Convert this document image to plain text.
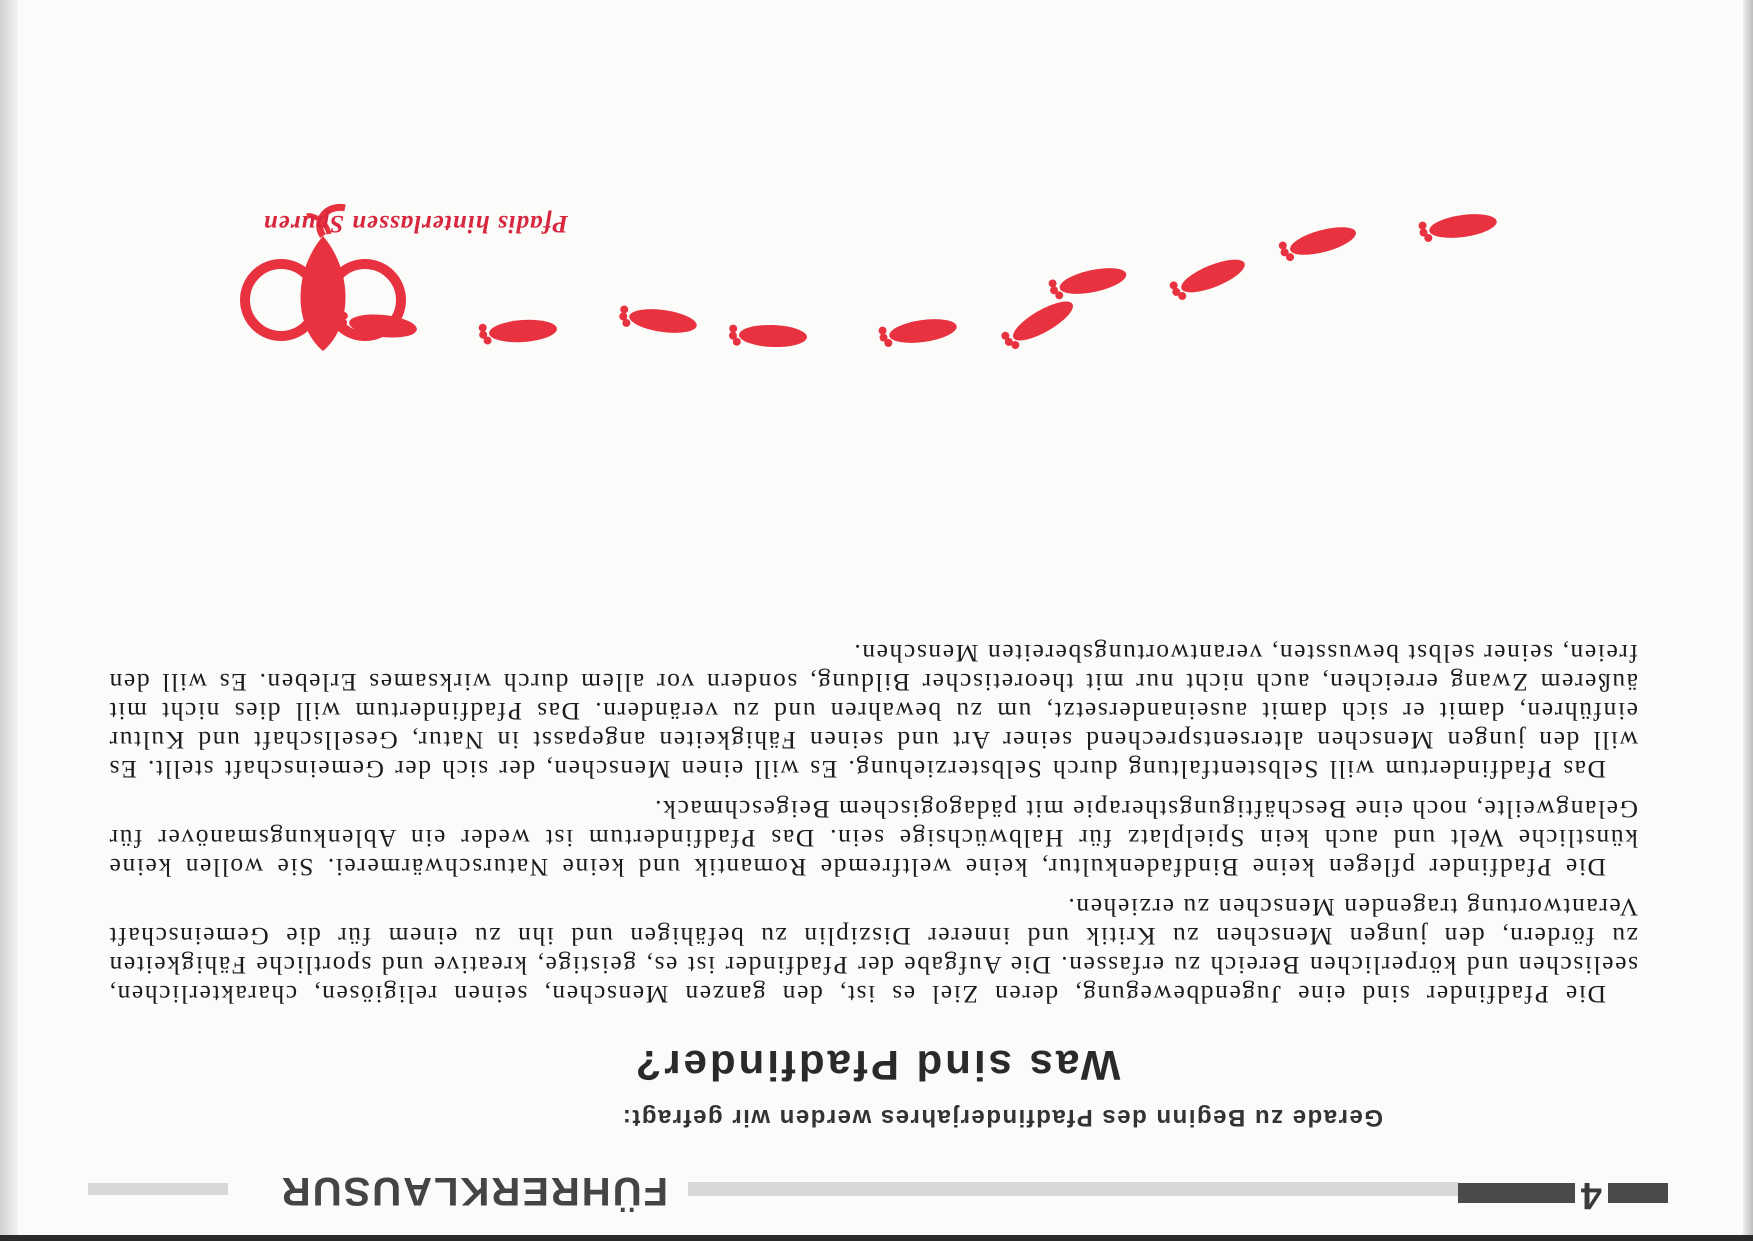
4
FÜHRERKLAUSUR
Gerade zu Beginn des Pfadfinderjahres werden wir gefragt:
Was sind Pfadfinder?

Die Pfadfinder sind eine Jugendbewegung, deren Ziel es ist, den ganzen Menschen, seinen religiösen, charakterlichen, seelischen und körperlichen Bereich zu erfassen. Die Aufgabe der Pfadfinder ist es, geistige, kreative und sportliche Fähigkeiten zu fördern, den jungen Menschen zu Kritik und innerer Disziplin zu befähigen und ihn zu einem für die Gemeinschaft Verantwortung tragenden Menschen zu erziehen.

Die Pfadfinder pflegen keine Bindfadenkultur, keine weltfremde Romantik und keine Naturschwärmerei. Sie wollen keine künstliche Welt und auch kein Spielplatz für Halbwüchsige sein. Das Pfadfindertum ist weder ein Ablenkungsmanöver für Gelangweilte, noch eine Beschäftigungstherapie mit pädagogischem Beigeschmack.

Das Pfadfindertum will Selbstentfaltung durch Selbsterziehung. Es will einen Menschen, der sich der Gemeinschaft stellt. Es will den jungen Menschen altersentsprechend seiner Art und seinen Fähigkeiten angepasst in Natur, Gesellschaft und Kultur einführen, damit er sich damit auseinandersetzt, um zu bewahren und zu verändern. Das Pfadfindertum will dies nicht mit äußerem Zwang erreichen, auch nicht nur mit theoretischer Bildung, sondern vor allem durch wirksames Erleben. Es will den freien, seiner selbst bewussten, verantwortungsbereiten Menschen.

Pfadis hinterlassen Spuren
